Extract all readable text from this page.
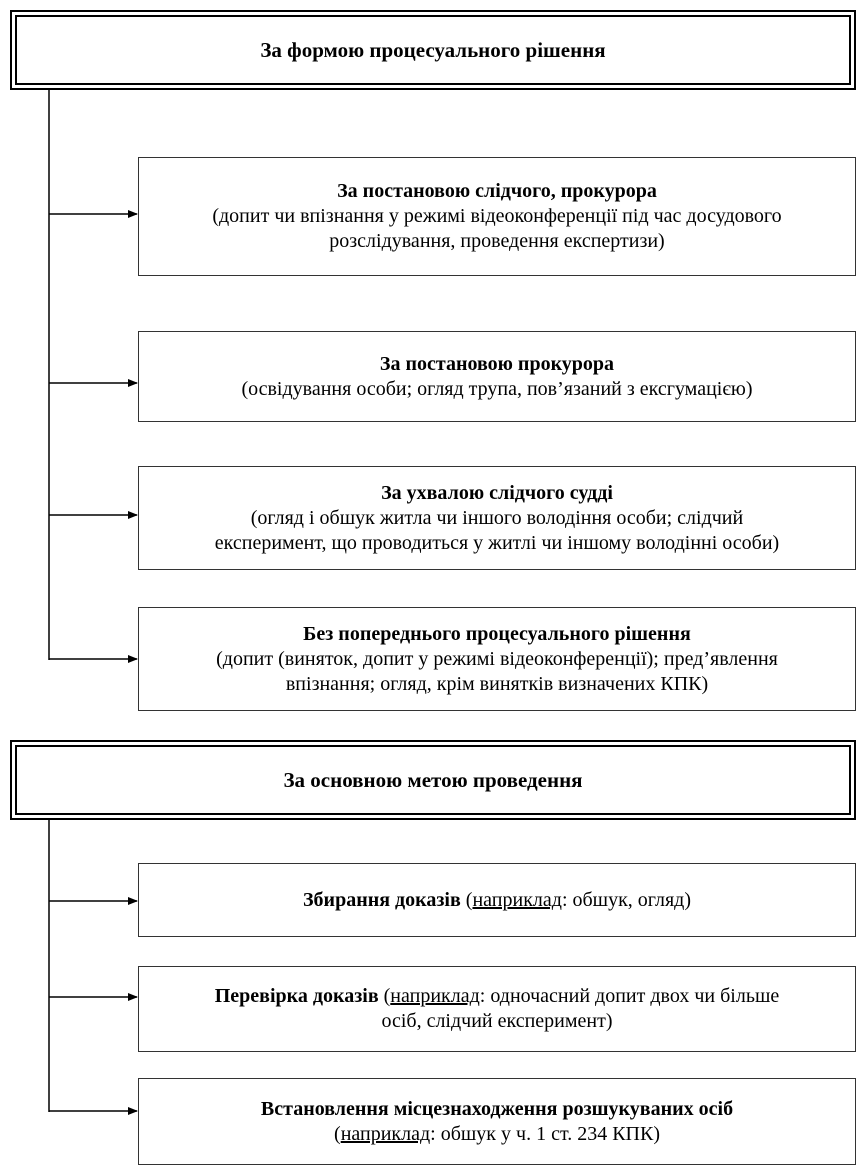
За формою процесуального рішення
За постановою слідчого, прокурора
(допит чи впізнання у режимі відеоконференції під час досудового
розслідування, проведення експертизи)
За постановою прокурора
(освідування особи; огляд трупа, пов’язаний з ексгумацією)
За ухвалою слідчого судді
(огляд і обшук житла чи іншого володіння особи; слідчий
експеримент, що проводиться у житлі чи іншому володінні особи)
Без попереднього процесуального рішення
(допит (виняток, допит у режимі відеоконференції); пред’явлення
впізнання; огляд, крім винятків визначених КПК)
За основною метою проведення
Збирання доказів (наприклад: обшук, огляд)
Перевірка доказів (наприклад: одночасний допит двох чи більше
осіб, слідчий експеримент)
Встановлення місцезнаходження розшукуваних осіб
(наприклад: обшук у ч. 1 ст. 234 КПК)
